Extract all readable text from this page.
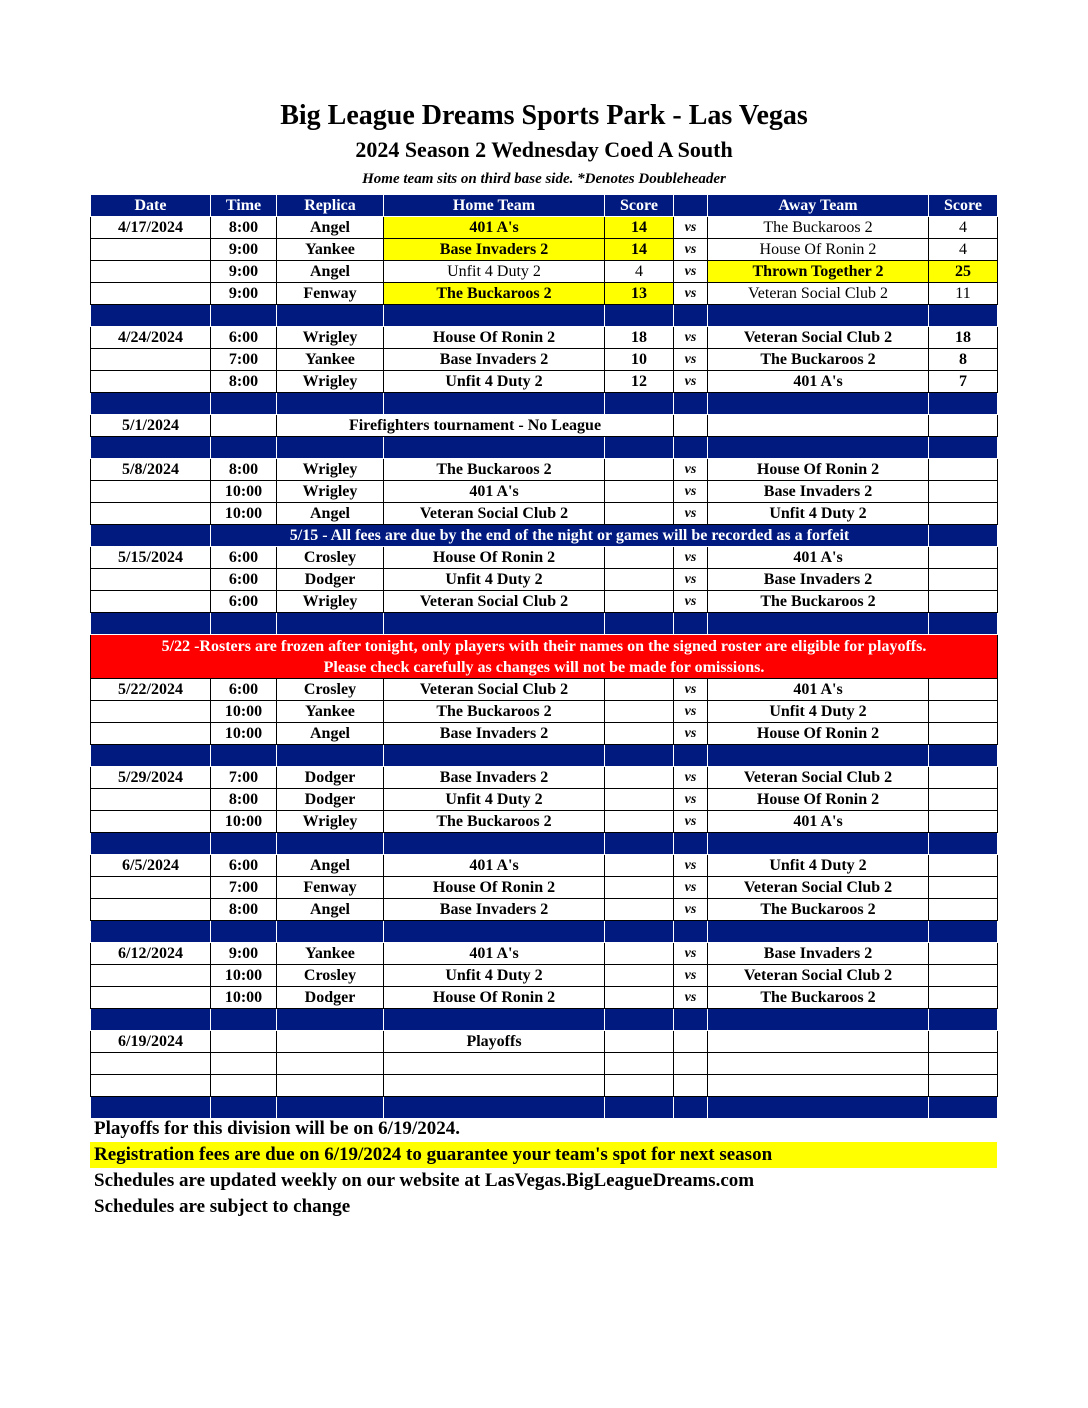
Big League Dreams Sports Park - Las Vegas
2024 Season 2 Wednesday Coed A South
Home team sits on third base side. *Denotes Doubleheader
Date	Time	Replica	Home Team	Score		Away Team	Score
4/17/2024	8:00	Angel	401 A's	14	vs	The Buckaroos 2	4
	9:00	Yankee	Base Invaders 2	14	vs	House Of Ronin 2	4
	9:00	Angel	Unfit 4 Duty 2	4	vs	Thrown Together 2	25
	9:00	Fenway	The Buckaroos 2	13	vs	Veteran Social Club 2	11

4/24/2024	6:00	Wrigley	House Of Ronin 2	18	vs	Veteran Social Club 2	18
	7:00	Yankee	Base Invaders 2	10	vs	The Buckaroos 2	8
	8:00	Wrigley	Unfit 4 Duty 2	12	vs	401 A's	7

5/1/2024		Firefighters tournament - No League					

5/8/2024	8:00	Wrigley	The Buckaroos 2		vs	House Of Ronin 2	
	10:00	Wrigley	401 A's		vs	Base Invaders 2	
	10:00	Angel	Veteran Social Club 2		vs	Unfit 4 Duty 2	
	5/15 - All fees are due by the end of the night or games will be recorded as a forfeit						
5/15/2024	6:00	Crosley	House Of Ronin 2		vs	401 A's	
	6:00	Dodger	Unfit 4 Duty 2		vs	Base Invaders 2	
	6:00	Wrigley	Veteran Social Club 2		vs	The Buckaroos 2	

5/22 -Rosters are frozen after tonight, only players with their names on the signed roster are eligible for playoffs.
Please check carefully as changes will not be made for omissions.							

5/22/2024	6:00	Crosley	Veteran Social Club 2		vs	401 A's	
	10:00	Yankee	The Buckaroos 2		vs	Unfit 4 Duty 2	
	10:00	Angel	Base Invaders 2		vs	House Of Ronin 2	

5/29/2024	7:00	Dodger	Base Invaders 2		vs	Veteran Social Club 2	
	8:00	Dodger	Unfit 4 Duty 2		vs	House Of Ronin 2	
	10:00	Wrigley	The Buckaroos 2		vs	401 A's	

6/5/2024	6:00	Angel	401 A's		vs	Unfit 4 Duty 2	
	7:00	Fenway	House Of Ronin 2		vs	Veteran Social Club 2	
	8:00	Angel	Base Invaders 2		vs	The Buckaroos 2	

6/12/2024	9:00	Yankee	401 A's		vs	Base Invaders 2	
	10:00	Crosley	Unfit 4 Duty 2		vs	Veteran Social Club 2	
	10:00	Dodger	House Of Ronin 2		vs	The Buckaroos 2	

6/19/2024			Playoffs				

Playoffs for this division will be on 6/19/2024.
Registration fees are due on 6/19/2024 to guarantee your team's spot for next season
Schedules are updated weekly on our website at LasVegas.BigLeagueDreams.com
Schedules are subject to change
